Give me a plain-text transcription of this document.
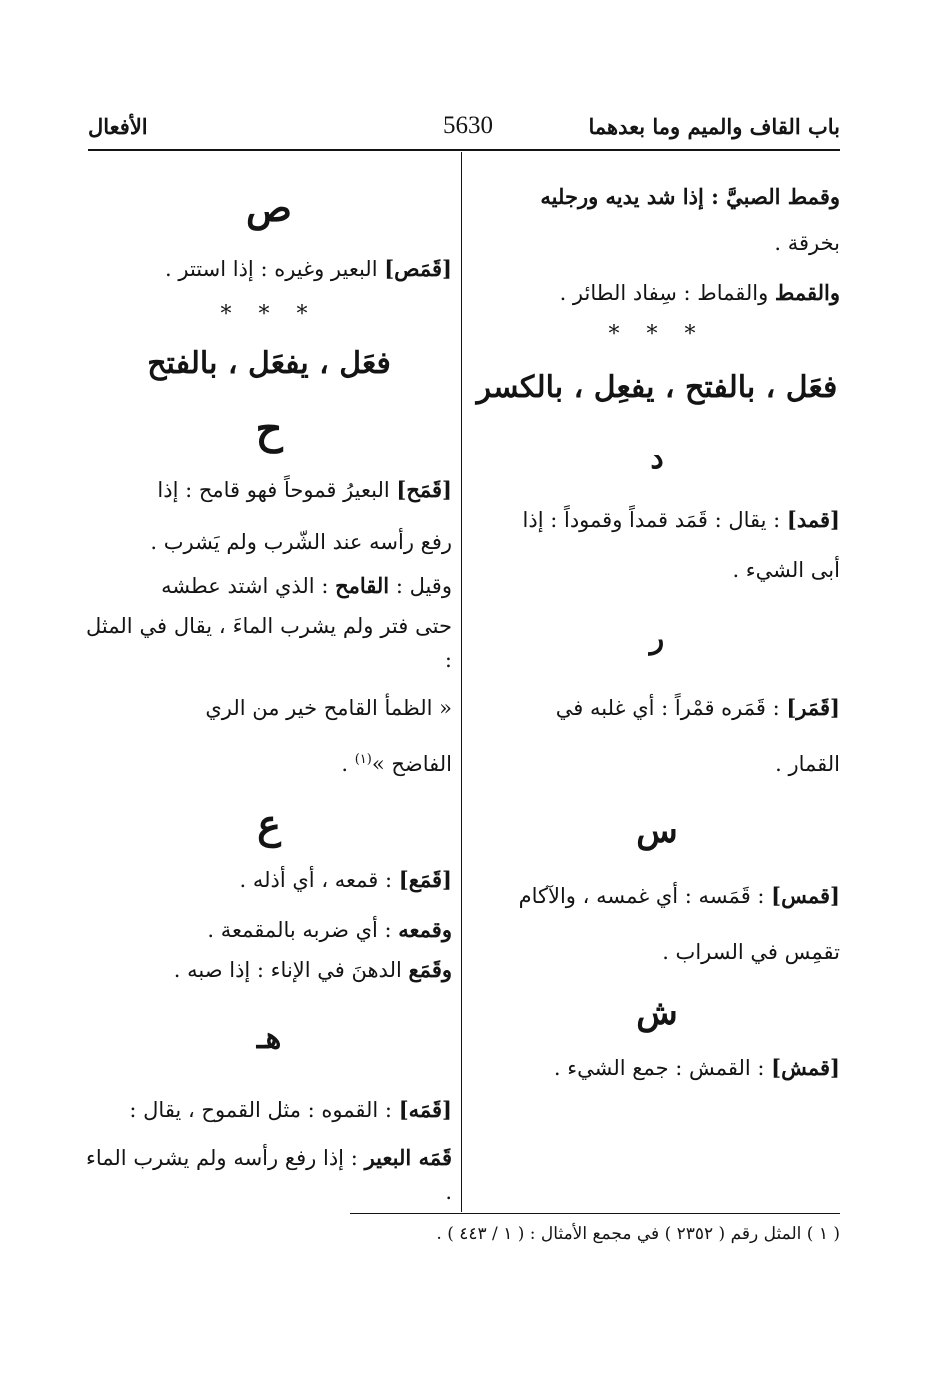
باب القاف والميم وما بعدهما
5630
الأفعال

وقمط الصبيَّ : إذا شد يديه ورجليه

بخرقة .

والقمط والقماط : سِفاد الطائر .

* * *

فعَل ، بالفتح ، يفعِل ، بالكسر

د

[قمد] : يقال : قَمَد قمداً وقموداً : إذا

أبى الشيء .

ر

[قَمَر] : قَمَره قمْراً : أي غلبه في

القمار .

س

[قمس] : قَمَسه : أي غمسه ، والآكام

تقمِس في السراب .

ش

[قمش] : القمش : جمع الشيء .

ص

[قَمَص] البعير وغيره : إذا استتر .

* * *

فعَل ، يفعَل ، بالفتح

ح

[قَمَح] البعيرُ قموحاً فهو قامح : إذا

رفع رأسه عند الشّرب ولم يَشرب .

وقيل : القامح : الذي اشتد عطشه

حتى فتر ولم يشرب الماءَ ، يقال في المثل :

« الظمأ القامح خير من الري

الفاضح »$^{(١)}$ .

ع

[قَمَع] : قمعه ، أي أذله .

وقمعه : أي ضربه بالمقمعة .

وقَمَع الدهنَ في الإناء : إذا صبه .

هـ

[قَمَه] : القموه : مثل القموح ، يقال :

قَمَه البعير : إذا رفع رأسه ولم يشرب الماء .

( ١ ) المثل رقم ( ٢٣٥٢ ) في مجمع الأمثال : ( ١ / ٤٤٣ ) .
